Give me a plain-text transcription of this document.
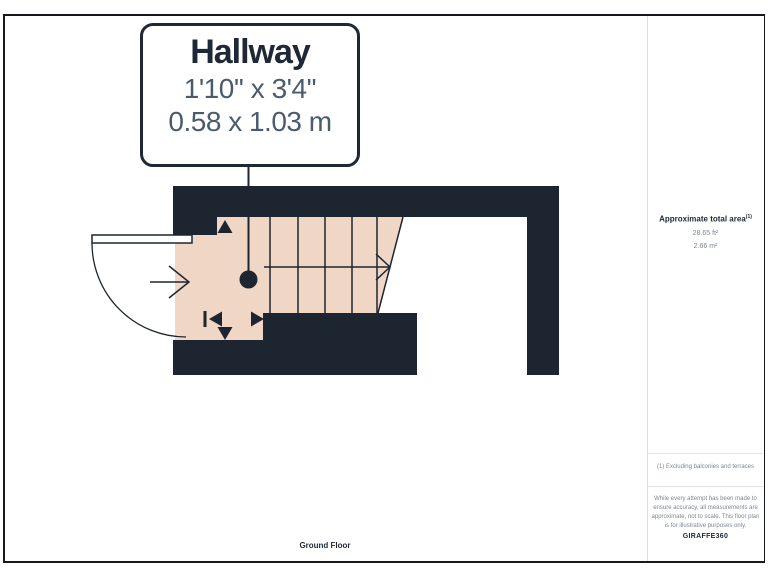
Hallway
1'10'' x 3'4''
0.58 x 1.03 m
Ground Floor
Approximate total area$^{(1)}$
28.65 ft²
2.66 m²
(1) Excluding balconies and terraces
While every attempt has been made to ensure accuracy, all measurements are approximate, not to scale. This floor plan is for illustrative purposes only.
GIRAFFE360
